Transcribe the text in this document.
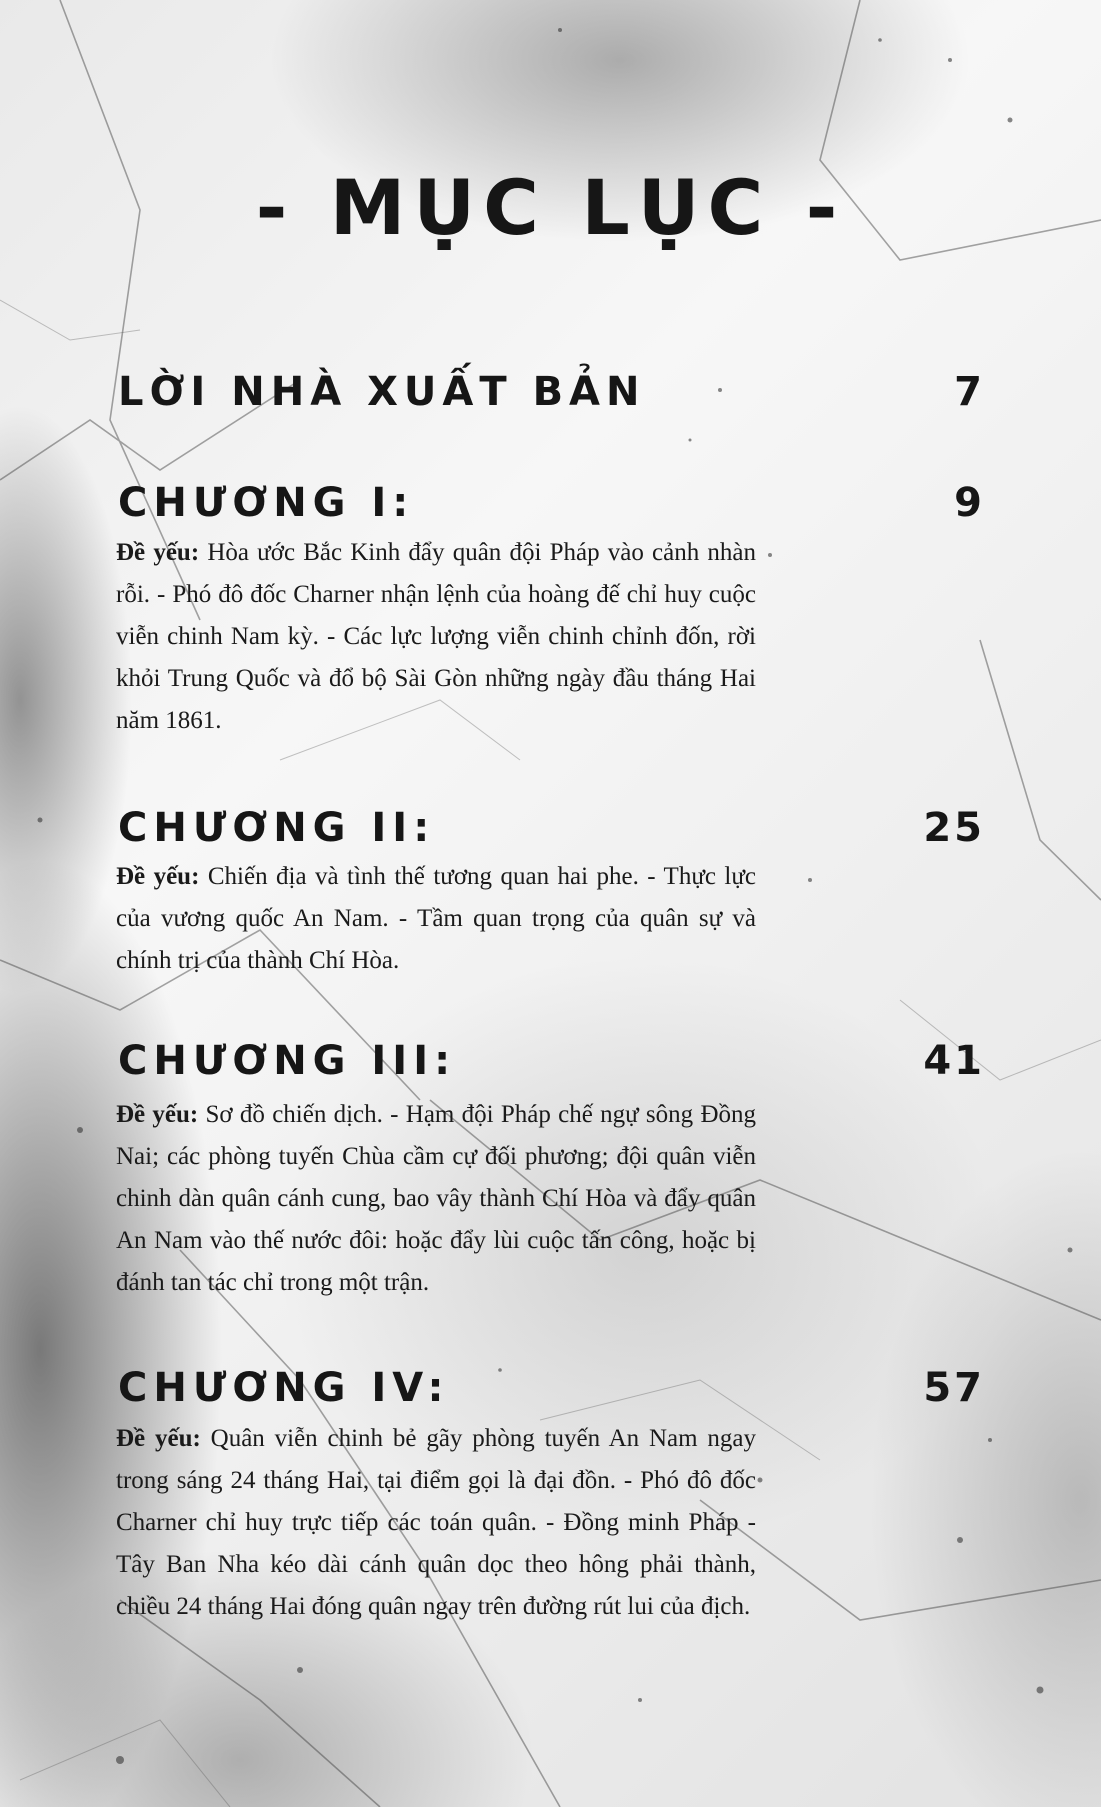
- MỤC LỤC -
LỜI NHÀ XUẤT BẢN	7
CHƯƠNG I:	9
Đề yếu: Hòa ước Bắc Kinh đẩy quân đội Pháp vào cảnh nhàn rỗi. - Phó đô đốc Charner nhận lệnh của hoàng đế chỉ huy cuộc viễn chinh Nam kỳ. - Các lực lượng viễn chinh chỉnh đốn, rời khỏi Trung Quốc và đổ bộ Sài Gòn những ngày đầu tháng Hai năm 1861.
CHƯƠNG II:	25
Đề yếu: Chiến địa và tình thế tương quan hai phe. - Thực lực của vương quốc An Nam. - Tầm quan trọng của quân sự và chính trị của thành Chí Hòa.
CHƯƠNG III:	41
Đề yếu: Sơ đồ chiến dịch. - Hạm đội Pháp chế ngự sông Đồng Nai; các phòng tuyến Chùa cầm cự đối phương; đội quân viễn chinh dàn quân cánh cung, bao vây thành Chí Hòa và đẩy quân An Nam vào thế nước đôi: hoặc đẩy lùi cuộc tấn công, hoặc bị đánh tan tác chỉ trong một trận.
CHƯƠNG IV:	57
Đề yếu: Quân viễn chinh bẻ gãy phòng tuyến An Nam ngay trong sáng 24 tháng Hai, tại điểm gọi là đại đồn. - Phó đô đốc Charner chỉ huy trực tiếp các toán quân. - Đồng minh Pháp - Tây Ban Nha kéo dài cánh quân dọc theo hông phải thành, chiều 24 tháng Hai đóng quân ngay trên đường rút lui của địch.
